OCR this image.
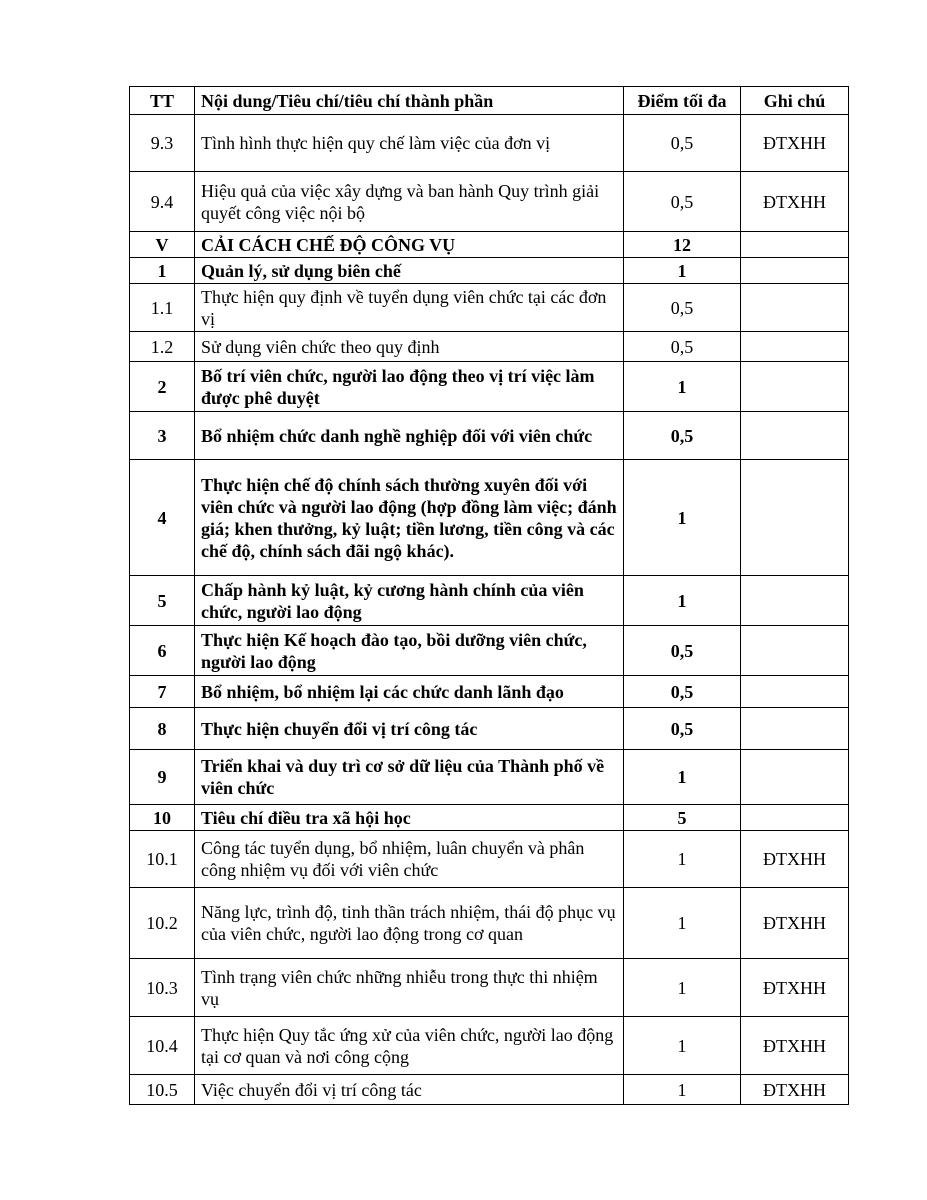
TT	Nội dung/Tiêu chí/tiêu chí thành phần	Điểm tối đa	Ghi chú
9.3	Tình hình thực hiện quy chế làm việc của đơn vị	0,5	ĐTXHH
9.4	Hiệu quả của việc xây dựng và ban hành Quy trình giải quyết công việc nội bộ	0,5	ĐTXHH
V	CẢI CÁCH CHẾ ĐỘ CÔNG VỤ	12	
1	Quản lý, sử dụng biên chế	1	
1.1	Thực hiện quy định về tuyển dụng viên chức tại các đơn vị	0,5	
1.2	Sử dụng viên chức theo quy định	0,5	
2	Bố trí viên chức, người lao động theo vị trí việc làm được phê duyệt	1	
3	Bổ nhiệm chức danh nghề nghiệp đối với viên chức	0,5	
4	Thực hiện chế độ chính sách thường xuyên đối với viên chức và người lao động (hợp đồng làm việc; đánh giá; khen thưởng, kỷ luật; tiền lương, tiền công và các chế độ, chính sách đãi ngộ khác).	1	
5	Chấp hành kỷ luật, kỷ cương hành chính của viên chức, người lao động	1	
6	Thực hiện Kế hoạch đào tạo, bồi dưỡng viên chức, người lao động	0,5	
7	Bổ nhiệm, bổ nhiệm lại các chức danh lãnh đạo	0,5	
8	Thực hiện chuyển đổi vị trí công tác	0,5	
9	Triển khai và duy trì cơ sở dữ liệu của Thành phố về viên chức	1	
10	Tiêu chí điều tra xã hội học	5	
10.1	Công tác tuyển dụng, bổ nhiệm, luân chuyển và phân công nhiệm vụ đối với viên chức	1	ĐTXHH
10.2	Năng lực, trình độ, tinh thần trách nhiệm, thái độ phục vụ của viên chức, người lao động trong cơ quan	1	ĐTXHH
10.3	Tình trạng viên chức những nhiễu trong thực thi nhiệm vụ	1	ĐTXHH
10.4	Thực hiện Quy tắc ứng xử của viên chức, người lao động tại cơ quan và nơi công cộng	1	ĐTXHH
10.5	Việc chuyển đổi vị trí công tác	1	ĐTXHH
